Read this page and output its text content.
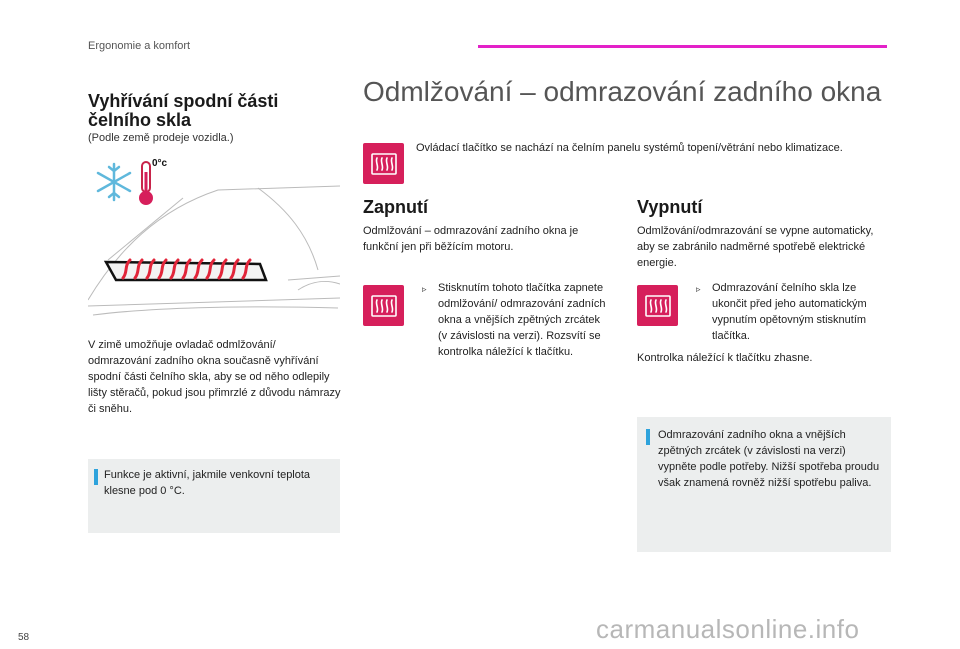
Ergonomie a komfort
Vyhřívání spodní části čelního skla
(Podle země prodeje vozidla.)
0°c
V zimě umožňuje ovladač odmlžování/ odmrazování zadního okna současně vyhřívání spodní části čelního skla, aby se od něho odlepily lišty stěračů, pokud jsou přimrzlé z důvodu námrazy či sněhu.
Funkce je aktivní, jakmile venkovní teplota klesne pod 0 °C.
Odmlžování – odmrazování zadního okna
Ovládací tlačítko se nachází na čelním panelu systémů topení/větrání nebo klimatizace.
Zapnutí
Odmlžování – odmrazování zadního okna je funkční jen při běžícím motoru.
▹ Stisknutím tohoto tlačítka zapnete odmlžování/ odmrazování zadních okna a vnějších zpětných zrcátek (v závislosti na verzi). Rozsvítí se kontrolka náležící k tlačítku.
Vypnutí
Odmlžování/odmrazování se vypne automaticky, aby se zabránilo nadměrné spotřebě elektrické energie.
▹ Odmrazování čelního skla lze ukončit před jeho automatickým vypnutím opětovným stisknutím tlačítka.
Kontrolka náležící k tlačítku zhasne.
Odmrazování zadního okna a vnějších zpětných zrcátek (v závislosti na verzi) vypněte podle potřeby. Nižší spotřeba proudu však znamená rovněž nižší spotřebu paliva.
58	carmanualsonline.info
